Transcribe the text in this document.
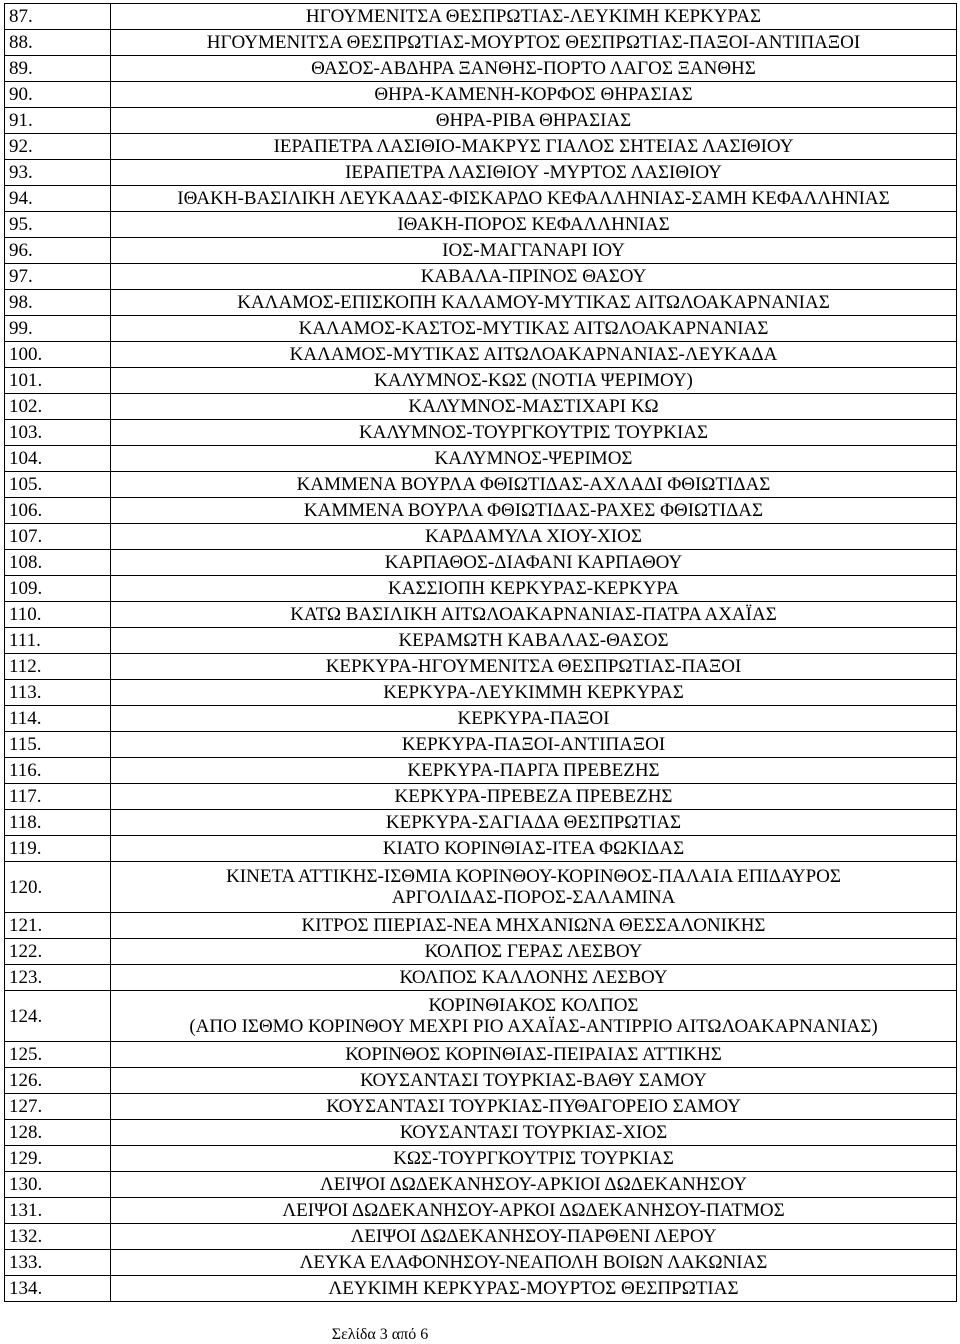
87.	ΗΓΟΥΜΕΝΙΤΣΑ ΘΕΣΠΡΩΤΙΑΣ-ΛΕΥΚΙΜΗ ΚΕΡΚΥΡΑΣ

88.	ΗΓΟΥΜΕΝΙΤΣΑ ΘΕΣΠΡΩΤΙΑΣ-ΜΟΥΡΤΟΣ ΘΕΣΠΡΩΤΙΑΣ-ΠΑΞΟΙ-ΑΝΤΙΠΑΞΟΙ

89.	ΘΑΣΟΣ-ΑΒΔΗΡΑ ΞΑΝΘΗΣ-ΠΟΡΤΟ ΛΑΓΟΣ ΞΑΝΘΗΣ

90.	ΘΗΡΑ-ΚΑΜΕΝΗ-ΚΟΡΦΟΣ ΘΗΡΑΣΙΑΣ

91.	ΘΗΡΑ-ΡΙΒΑ ΘΗΡΑΣΙΑΣ

92.	ΙΕΡΑΠΕΤΡΑ ΛΑΣΙΘΙΟ-ΜΑΚΡΥΣ ΓΙΑΛΟΣ ΣΗΤΕΙΑΣ ΛΑΣΙΘΙΟΥ

93.	ΙΕΡΑΠΕΤΡΑ ΛΑΣΙΘΙΟΥ -ΜΥΡΤΟΣ ΛΑΣΙΘΙΟΥ

94.	ΙΘΑΚΗ-ΒΑΣΙΛΙΚΗ ΛΕΥΚΑΔΑΣ-ΦΙΣΚΑΡΔΟ ΚΕΦΑΛΛΗΝΙΑΣ-ΣΑΜΗ ΚΕΦΑΛΛΗΝΙΑΣ

95.	ΙΘΑΚΗ-ΠΟΡΟΣ ΚΕΦΑΛΛΗΝΙΑΣ

96.	ΙΟΣ-ΜΑΓΓΑΝΑΡΙ ΙΟΥ

97.	ΚΑΒΑΛΑ-ΠΡΙΝΟΣ ΘΑΣΟΥ

98.	ΚΑΛΑΜΟΣ-ΕΠΙΣΚΟΠΗ ΚΑΛΑΜΟΥ-ΜΥΤΙΚΑΣ ΑΙΤΩΛΟΑΚΑΡΝΑΝΙΑΣ

99.	ΚΑΛΑΜΟΣ-ΚΑΣΤΟΣ-ΜΥΤΙΚΑΣ ΑΙΤΩΛΟΑΚΑΡΝΑΝΙΑΣ

100.	ΚΑΛΑΜΟΣ-ΜΥΤΙΚΑΣ ΑΙΤΩΛΟΑΚΑΡΝΑΝΙΑΣ-ΛΕΥΚΑΔΑ

101.	ΚΑΛΥΜΝΟΣ-ΚΩΣ (ΝΟΤΙΑ ΨΕΡΙΜΟΥ)

102.	ΚΑΛΥΜΝΟΣ-ΜΑΣΤΙΧΑΡΙ ΚΩ

103.	ΚΑΛΥΜΝΟΣ-ΤΟΥΡΓΚΟΥΤΡΙΣ ΤΟΥΡΚΙΑΣ

104.	ΚΑΛΥΜΝΟΣ-ΨΕΡΙΜΟΣ

105.	ΚΑΜΜΕΝΑ ΒΟΥΡΛΑ ΦΘΙΩΤΙΔΑΣ-ΑΧΛΑΔΙ ΦΘΙΩΤΙΔΑΣ

106.	ΚΑΜΜΕΝΑ ΒΟΥΡΛΑ ΦΘΙΩΤΙΔΑΣ-ΡΑΧΕΣ ΦΘΙΩΤΙΔΑΣ

107.	ΚΑΡΔΑΜΥΛΑ ΧΙΟΥ-ΧΙΟΣ

108.	ΚΑΡΠΑΘΟΣ-ΔΙΑΦΑΝΙ ΚΑΡΠΑΘΟΥ

109.	ΚΑΣΣΙΟΠΗ ΚΕΡΚΥΡΑΣ-ΚΕΡΚΥΡΑ

110.	ΚΑΤΩ ΒΑΣΙΛΙΚΗ ΑΙΤΩΛΟΑΚΑΡΝΑΝΙΑΣ-ΠΑΤΡΑ ΑΧΑΪΑΣ

111.	ΚΕΡΑΜΩΤΗ ΚΑΒΑΛΑΣ-ΘΑΣΟΣ

112.	ΚΕΡΚΥΡΑ-ΗΓΟΥΜΕΝΙΤΣΑ ΘΕΣΠΡΩΤΙΑΣ-ΠΑΞΟΙ

113.	ΚΕΡΚΥΡΑ-ΛΕΥΚΙΜΜΗ ΚΕΡΚΥΡΑΣ

114.	ΚΕΡΚΥΡΑ-ΠΑΞΟΙ

115.	ΚΕΡΚΥΡΑ-ΠΑΞΟΙ-ΑΝΤΙΠΑΞΟΙ

116.	ΚΕΡΚΥΡΑ-ΠΑΡΓΑ ΠΡΕΒΕΖΗΣ

117.	ΚΕΡΚΥΡΑ-ΠΡΕΒΕΖΑ ΠΡΕΒΕΖΗΣ

118.	ΚΕΡΚΥΡΑ-ΣΑΓΙΑΔΑ ΘΕΣΠΡΩΤΙΑΣ

119.	ΚΙΑΤΟ ΚΟΡΙΝΘΙΑΣ-ΙΤΕΑ ΦΩΚΙΔΑΣ

120.	ΚΙΝΕΤΑ ΑΤΤΙΚΗΣ-ΙΣΘΜΙΑ ΚΟΡΙΝΘΟΥ-ΚΟΡΙΝΘΟΣ-ΠΑΛΑΙΑ ΕΠΙΔΑΥΡΟΣ
ΑΡΓΟΛΙΔΑΣ-ΠΟΡΟΣ-ΣΑΛΑΜΙΝΑ

121.	ΚΙΤΡΟΣ ΠΙΕΡΙΑΣ-ΝΕΑ ΜΗΧΑΝΙΩΝΑ ΘΕΣΣΑΛΟΝΙΚΗΣ

122.	ΚΟΛΠΟΣ ΓΕΡΑΣ ΛΕΣΒΟΥ

123.	ΚΟΛΠΟΣ ΚΑΛΛΟΝΗΣ ΛΕΣΒΟΥ

124.	ΚΟΡΙΝΘΙΑΚΟΣ ΚΟΛΠΟΣ
(ΑΠΟ ΙΣΘΜΟ ΚΟΡΙΝΘΟΥ ΜΕΧΡΙ ΡΙΟ ΑΧΑΪΑΣ-ΑΝΤΙΡΡΙΟ ΑΙΤΩΛΟΑΚΑΡΝΑΝΙΑΣ)

125.	ΚΟΡΙΝΘΟΣ ΚΟΡΙΝΘΙΑΣ-ΠΕΙΡΑΙΑΣ ΑΤΤΙΚΗΣ

126.	ΚΟΥΣΑΝΤΑΣΙ ΤΟΥΡΚΙΑΣ-ΒΑΘΥ ΣΑΜΟΥ

127.	ΚΟΥΣΑΝΤΑΣΙ ΤΟΥΡΚΙΑΣ-ΠΥΘΑΓΟΡΕΙΟ ΣΑΜΟΥ

128.	ΚΟΥΣΑΝΤΑΣΙ ΤΟΥΡΚΙΑΣ-ΧΙΟΣ

129.	ΚΩΣ-ΤΟΥΡΓΚΟΥΤΡΙΣ ΤΟΥΡΚΙΑΣ

130.	ΛΕΙΨΟΙ ΔΩΔΕΚΑΝΗΣΟΥ-ΑΡΚΙΟΙ ΔΩΔΕΚΑΝΗΣΟΥ

131.	ΛΕΙΨΟΙ ΔΩΔΕΚΑΝΗΣΟΥ-ΑΡΚΟΙ ΔΩΔΕΚΑΝΗΣΟΥ-ΠΑΤΜΟΣ

132.	ΛΕΙΨΟΙ ΔΩΔΕΚΑΝΗΣΟΥ-ΠΑΡΘΕΝΙ ΛΕΡΟΥ

133.	ΛΕΥΚΑ ΕΛΑΦΟΝΗΣΟΥ-ΝΕΑΠΟΛΗ ΒΟΙΩΝ ΛΑΚΩΝΙΑΣ

134.	ΛΕΥΚΙΜΗ ΚΕΡΚΥΡΑΣ-ΜΟΥΡΤΟΣ ΘΕΣΠΡΩΤΙΑΣ
Σελίδα 3 από 6
